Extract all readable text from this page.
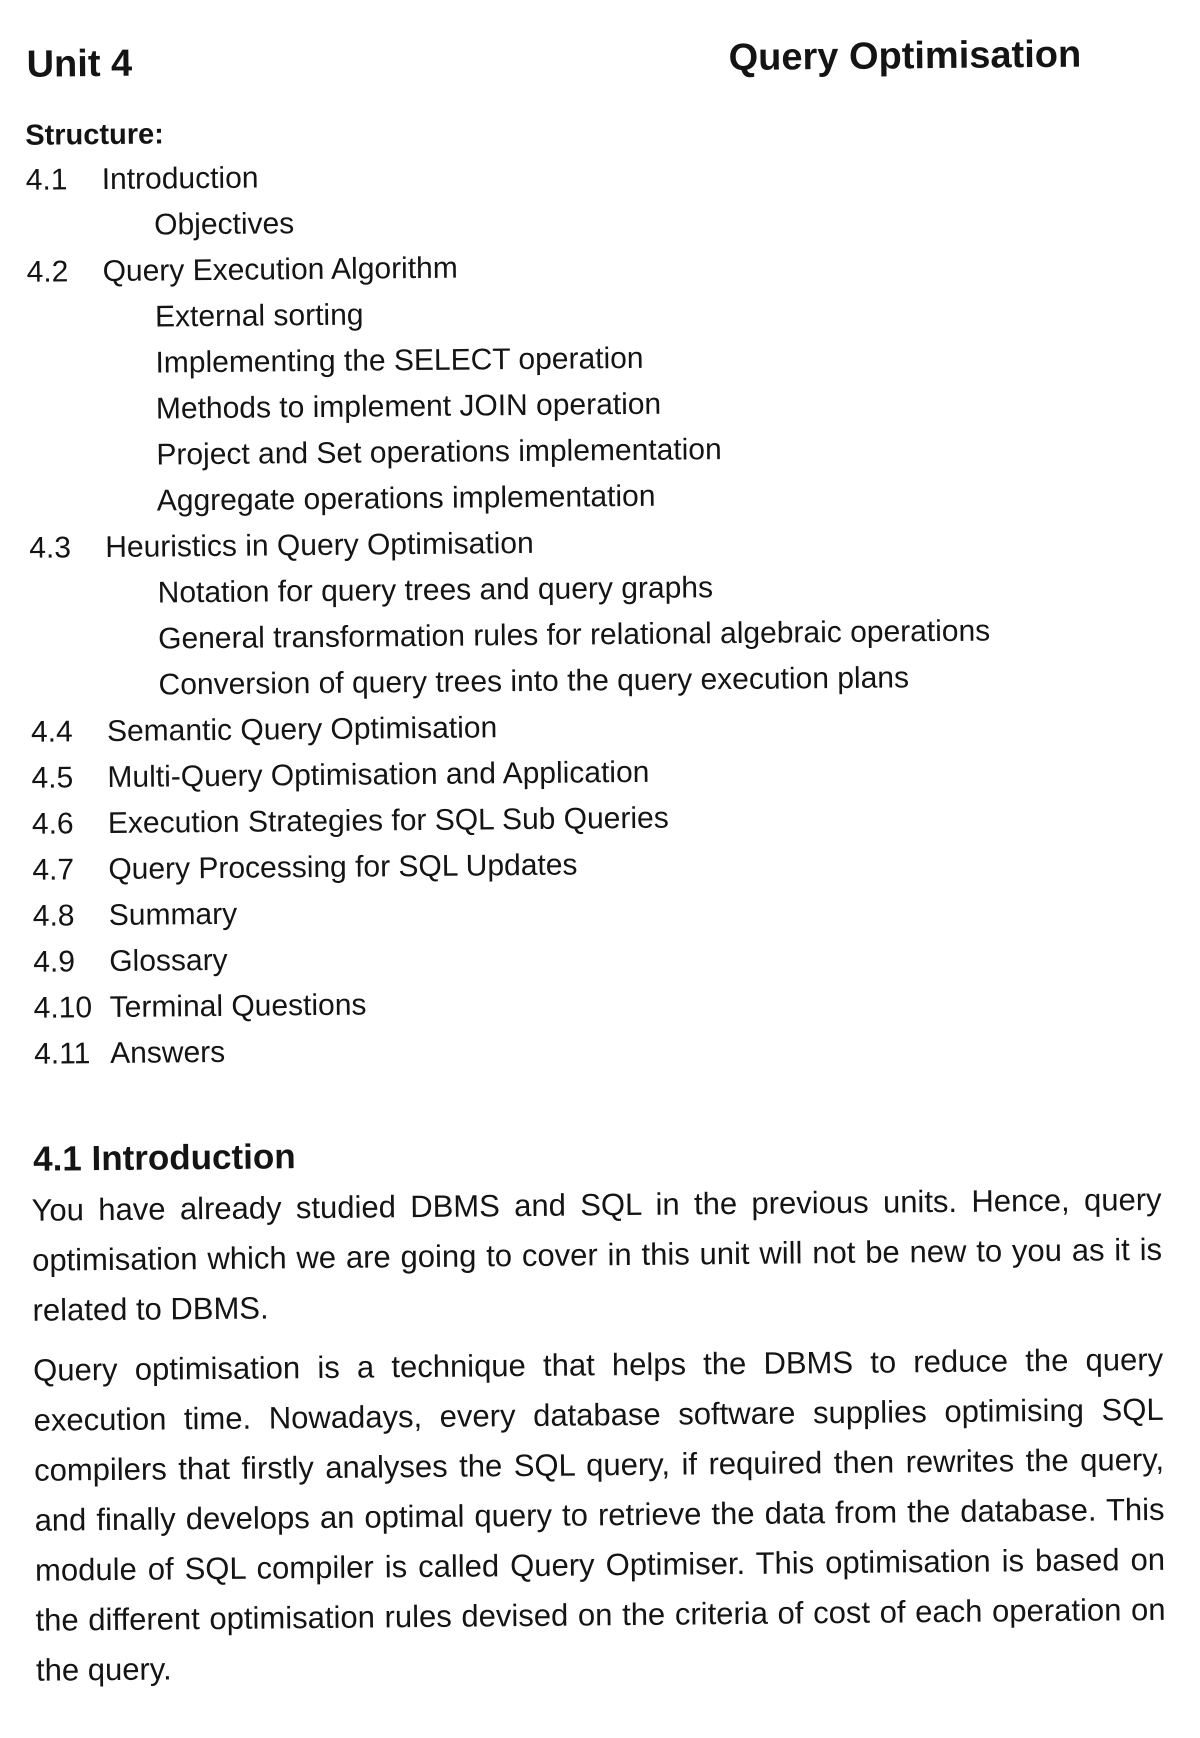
Unit 4	Query Optimisation
Structure:
4.1 Introduction
Objectives
4.2 Query Execution Algorithm
External sorting
Implementing the SELECT operation
Methods to implement JOIN operation
Project and Set operations implementation
Aggregate operations implementation
4.3 Heuristics in Query Optimisation
Notation for query trees and query graphs
General transformation rules for relational algebraic operations
Conversion of query trees into the query execution plans
4.4 Semantic Query Optimisation
4.5 Multi-Query Optimisation and Application
4.6 Execution Strategies for SQL Sub Queries
4.7 Query Processing for SQL Updates
4.8 Summary
4.9 Glossary
4.10 Terminal Questions
4.11 Answers
4.1 Introduction

You have already studied DBMS and SQL in the previous units. Hence, query optimisation which we are going to cover in this unit will not be new to you as it is related to DBMS.

Query optimisation is a technique that helps the DBMS to reduce the query execution time. Nowadays, every database software supplies optimising SQL compilers that firstly analyses the SQL query, if required then rewrites the query, and finally develops an optimal query to retrieve the data from the database. This module of SQL compiler is called Query Optimiser. This optimisation is based on the different optimisation rules devised on the criteria of cost of each operation on the query.
